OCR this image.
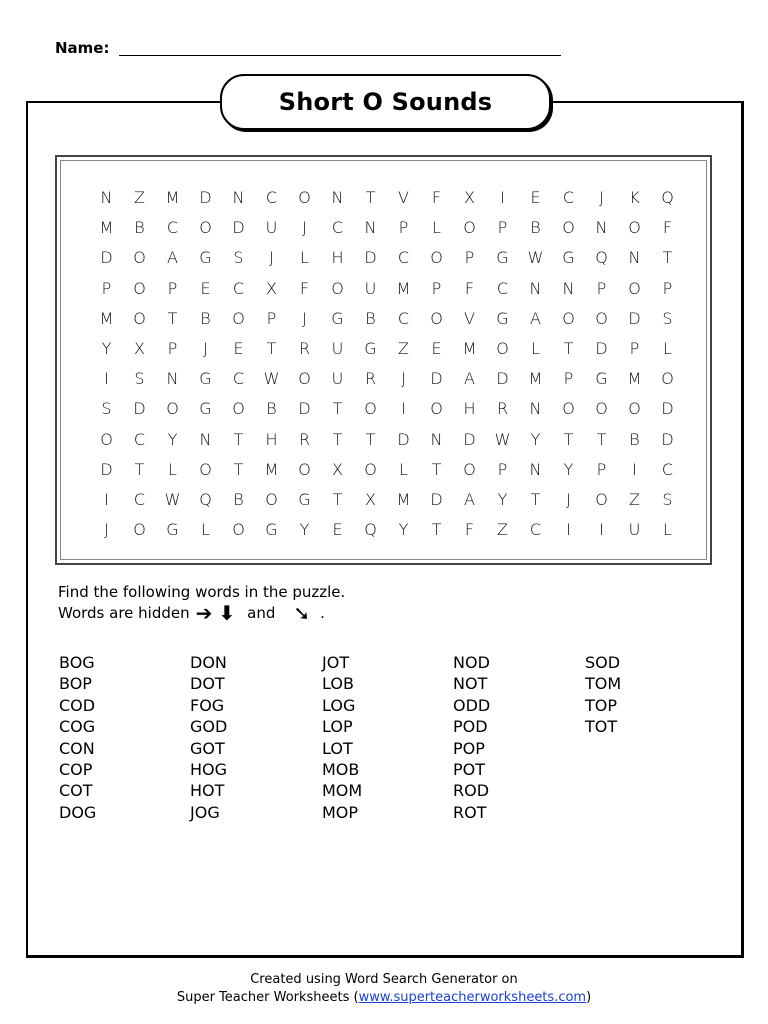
Name:
Short O Sounds
N	Z	M	D	N	C	O	N	T	V	F	X	I	E	C	J	K	Q
M	B	C	O	D	U	J	C	N	P	L	O	P	B	O	N	O	F
D	O	A	G	S	J	L	H	D	C	O	P	G	W	G	Q	N	T
P	O	P	E	C	X	F	O	U	M	P	F	C	N	N	P	O	P
M	O	T	B	O	P	J	G	B	C	O	V	G	A	O	O	D	S
Y	X	P	J	E	T	R	U	G	Z	E	M	O	L	T	D	P	L
I	S	N	G	C	W	O	U	R	J	D	A	D	M	P	G	M	O
S	D	O	G	O	B	D	T	O	I	O	H	R	N	O	O	O	D
O	C	Y	N	T	H	R	T	T	D	N	D	W	Y	T	T	B	D
D	T	L	O	T	M	O	X	O	L	T	O	P	N	Y	P	I	C
I	C	W	Q	B	O	G	T	X	M	D	A	Y	T	J	O	Z	S
J	O	G	L	O	G	Y	E	Q	Y	T	F	Z	C	I	I	U	L
Find the following words in the puzzle.
Words are hidden ➔ ⬇ and ➘ .
BOG
BOP
COD
COG
CON
COP
COT
DOG
DON
DOT
FOG
GOD
GOT
HOG
HOT
JOG
JOT
LOB
LOG
LOP
LOT
MOB
MOM
MOP
NOD
NOT
ODD
POD
POP
POT
ROD
ROT
SOD
TOM
TOP
TOT
Created using Word Search Generator on
Super Teacher Worksheets (www.superteacherworksheets.com)
